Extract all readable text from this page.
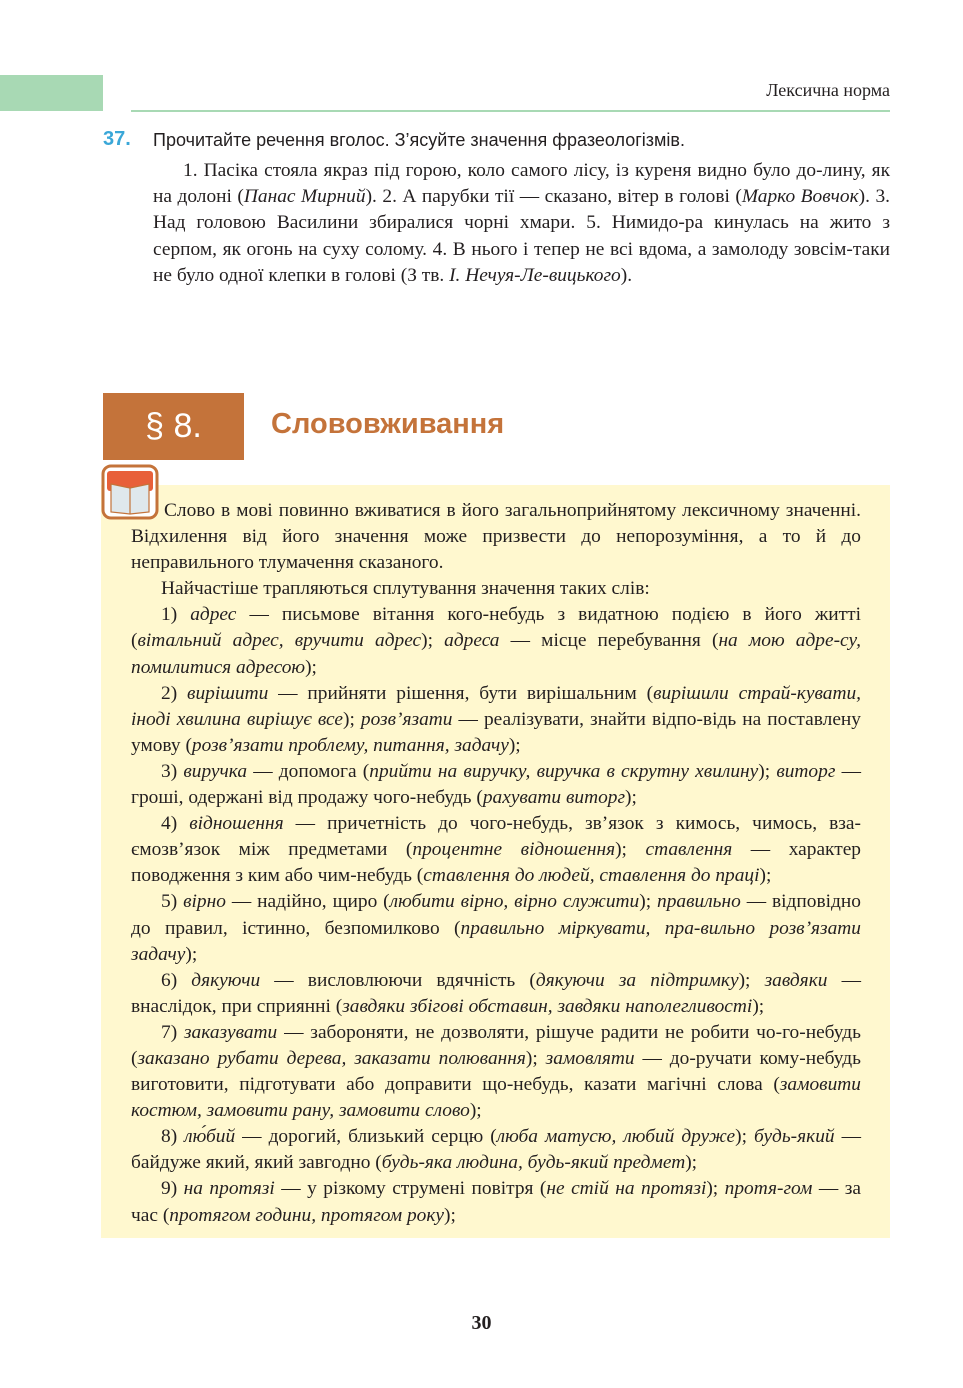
Лексична норма
37. Прочитайте речення вголос. З’ясуйте значення фразеологізмів.

1. Пасіка стояла якраз під горою, коло самого лісу, із куреня видно було до-лину, як на долоні (Панас Мирний). 2. А парубки тії — сказано, вітер в голові (Марко Вовчок). 3. Над головою Василини збиралися чорні хмари. 5. Нимидо-ра кинулась на жито з серпом, як огонь на суху солому. 4. В нього і тепер не всі вдома, а замолоду зовсім-таки не було одної клепки в голові (З тв. І. Нечуя-Ле-вицького).

§ 8.	Слововживання

Слово в мові повинно вживатися в його загальноприйнятому лексичному значенні. Відхилення від його значення може призвести до непорозуміння, а то й до неправильного тлумачення сказаного.

Найчастіше трапляються сплутування значення таких слів:

1) адрес — письмове вітання кого-небудь з видатною подією в його житті (вітальний адрес, вручити адрес); адреса — місце перебування (на мою адре-су, помилитися адресою);

2) вирішити — прийняти рішення, бути вирішальним (вирішили страй-кувати, іноді хвилина вирішує все); розв’язати — реалізувати, знайти відпо-відь на поставлену умову (розв’язати проблему, питання, задачу);

3) виручка — допомога (прийти на виручку, виручка в скрутну хвилину); виторг — гроші, одержані від продажу чого-небудь (рахувати виторг);

4) відношення — причетність до чого-небудь, зв’язок з кимось, чимось, вза-ємозв’язок між предметами (процентне відношення); ставлення — характер поводження з ким або чим-небудь (ставлення до людей, ставлення до праці);

5) вірно — надійно, щиро (любити вірно, вірно служити); правильно — відповідно до правил, істинно, безпомилково (правильно міркувати, пра-вильно розв’язати задачу);

6) дякуючи — висловлюючи вдячність (дякуючи за підтримку); завдяки — внаслідок, при сприянні (завдяки збігові обставин, завдяки наполегливості);

7) заказувати — забороняти, не дозволяти, рішуче радити не робити чо-го-небудь (заказано рубати дерева, заказати полювання); замовляти — до-ручати кому-небудь виготовити, підготувати або доправити що-небудь, казати магічні слова (замовити костюм, замовити рану, замовити слово);

8) лю́бий — дорогий, близький серцю (люба матусю, любий друже); будь-який — байдуже який, який завгодно (будь-яка людина, будь-який предмет);

9) на протязі — у різкому струмені повітря (не стій на протязі); протя-гом — за час (протягом години, протягом року);

30
